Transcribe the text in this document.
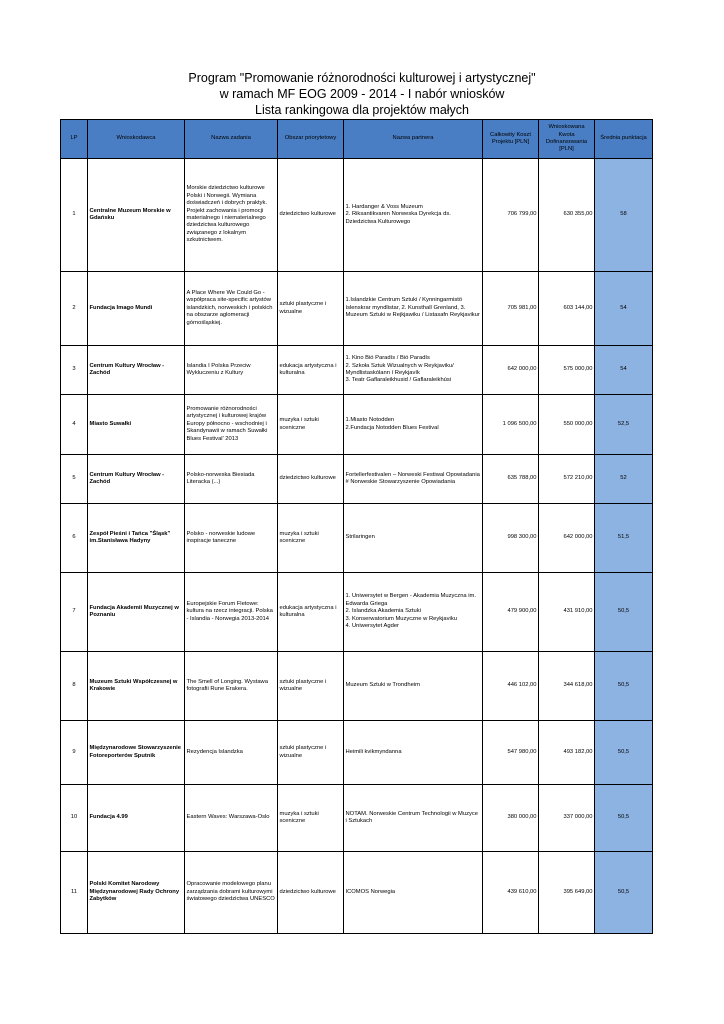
Program "Promowanie różnorodności kulturowej i artystycznej"
w ramach MF EOG 2009 - 2014 - I nabór wniosków
Lista rankingowa dla projektów małych
LP	Wnioskodawca	Nazwa zadania	Obszar priorytetowy	Nazwa partnera	Całkowity Koszt Projektu [PLN]	Wnioskowana Kwota Dofinansowania [PLN]	Średnia punktacja
1	Centralne Muzeum Morskie w Gdańsku	Morskie dziedzictwo kulturowe Polski i Norwegii. Wymiana doświadczeń i dobrych praktyk. Projekt zachowania i promocji materialnego i niematerialnego dziedzictwa kulturowego związanego z lokalnym szkutnictwem.	dziedzictwo kulturowe	1. Hardanger & Voss Muzeum
2. Riksantikvaren Norweska Dyrekcja ds. Dziedzictwa Kulturowego	706 799,00	630 355,00	58
2	Fundacja Imago Mundi	A Place Where We Could Go - współpraca site-specific artystów islandzkich, norweskich i polskich na obszarze aglomeracji górnośląskiej.	sztuki plastyczne i wizualne	1.Islandzkie Centrum Sztuki / Kynningarmistö íslenskrar myndlistar, 2. Kunsthall Grenland, 3. Muzeum Sztuki w Rejkjawiku / Listasafn Reykjavikur	705 981,00	603 144,00	54
3	Centrum Kultury Wrocław - Zachód	Islandia I Polska Przeciw Wykluczeniu z Kultury	edukacja artystyczna i kulturalna	1. Kino Bió Paradís / Bió Paradís
2. Szkoła Sztuk Wizualnych w Reykjaviku/ Myndlistaskólann í Reykjavík
3. Teatr Gaflaraleikhusid / Gaflaraleikhúsi	642 000,00	575 000,00	54
4	Miasto Suwałki	Promowanie różnorodności artystycznej i kulturowej krajów Europy północno - wschodniej i Skandynawii w ramach Suwałki Blues Festival' 2013	muzyka i sztuki sceniczne	1.Miasto Notodden
2.Fundacja Notodden Blues Festival	1 096 500,00	550 000,00	52,5
5	Centrum Kultury Wrocław - Zachód	Polsko-norweska Biesiada Literacka (...)	dziedzictwo kulturowe	Fortellerfestivalen – Norweski Festiwal Opowiadania # Norweskie Stowarzyszenie Opowiadania	635 788,00	572 210,00	52
6	Zespół Pieśni i Tańca "Śląsk" im.Stanisława Hadyny	Polsko - norweskie ludowe inspiracje taneczne	muzyka i sztuki sceniczne	Strilaringen	998 300,00	642 000,00	51,5
7	Fundacja Akademii Muzycznej w Poznaniu	Europejskie Forum Fletowe: kultura na rzecz integracji. Polska - Islandia - Norwegia 2013-2014	edukacja artystyczna i kulturalna	1. Uniwersytet w Bergen - Akademia Muzyczna im. Edwarda Griega
2. Islandzka Akademia Sztuki
3. Konserwatorium Muzyczne w Reykjaviku
4. Uniwersytet Agder	479 900,00	431 910,00	50,5
8	Muzeum Sztuki Współczesnej w Krakowie	The Smell of Longing. Wystawa fotografii Rune Erakera.	sztuki plastyczne i wizualne	Muzeum Sztuki w Trondheim	446 102,00	344 618,00	50,5
9	Międzynarodowe Stowarzyszenie Fotoreporterów Sputnik	Rezydencja Islandzka	sztuki plastyczne i wizualne	Heimili kvikmyndanna	547 980,00	493 182,00	50,5
10	Fundacja 4.99	Eastern Waves: Warszawa-Oslo	muzyka i sztuki sceniczne	NOTAM. Norweskie Centrum Technologii w Muzyce i Sztukach	380 000,00	337 000,00	50,5
11	Polski Komitet Narodowy Międzynarodowej Rady Ochrony Zabytków	Opracowanie modelowego planu zarządzania dobrami kulturowymi światowego dziedzictwa UNESCO	dziedzictwo kulturowe	ICOMOS Norwegia	439 610,00	395 649,00	50,5
